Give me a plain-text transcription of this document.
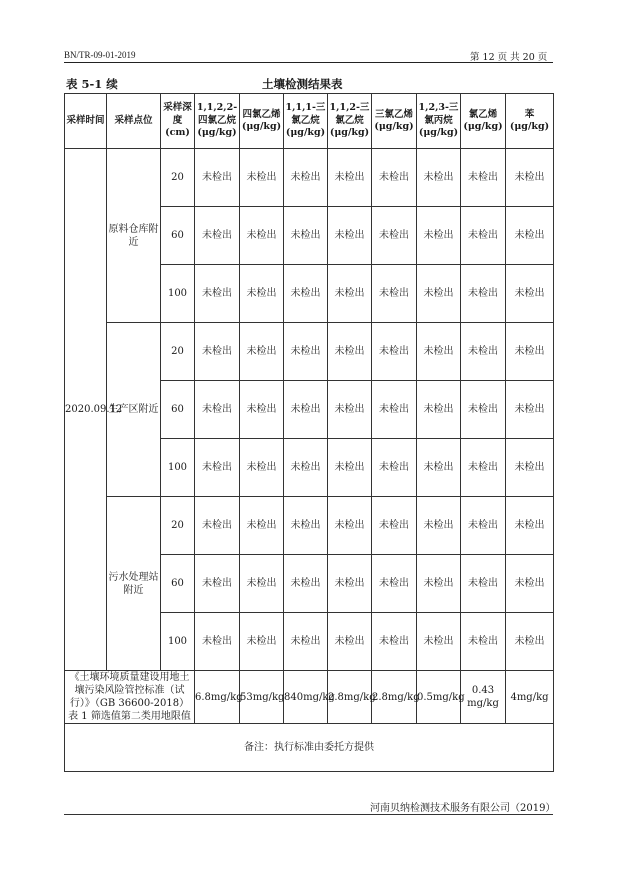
BN/TR-09-01-2019	第 12 页 共 20 页
表 5-1 续	土壤检测结果表
采样时间	采样点位	采样深度(cm)	1,1,2,2-四氯乙烷(μg/kg)	四氯乙烯(μg/kg)	1,1,1-三氯乙烷(μg/kg)	1,1,2-三氯乙烷(μg/kg)	三氯乙烯(μg/kg)	1,2,3-三氯丙烷(μg/kg)	氯乙烯(μg/kg)	苯(μg/kg)
2020.09.12	原料仓库附近	20	未检出	未检出	未检出	未检出	未检出	未检出	未检出	未检出
		60	未检出	未检出	未检出	未检出	未检出	未检出	未检出	未检出
		100	未检出	未检出	未检出	未检出	未检出	未检出	未检出	未检出
	生产区附近	20	未检出	未检出	未检出	未检出	未检出	未检出	未检出	未检出
		60	未检出	未检出	未检出	未检出	未检出	未检出	未检出	未检出
		100	未检出	未检出	未检出	未检出	未检出	未检出	未检出	未检出
	污水处理站附近	20	未检出	未检出	未检出	未检出	未检出	未检出	未检出	未检出
		60	未检出	未检出	未检出	未检出	未检出	未检出	未检出	未检出
		100	未检出	未检出	未检出	未检出	未检出	未检出	未检出	未检出
《土壤环境质量建设用地土壤污染风险管控标准（试行）》（GB 36600-2018）表 1 筛选值第二类用地限值			6.8mg/kg	53mg/kg	840mg/kg	2.8mg/kg	2.8mg/kg	0.5mg/kg	0.43 mg/kg	4mg/kg
备注：执行标准由委托方提供										
河南贝纳检测技术服务有限公司（2019）
